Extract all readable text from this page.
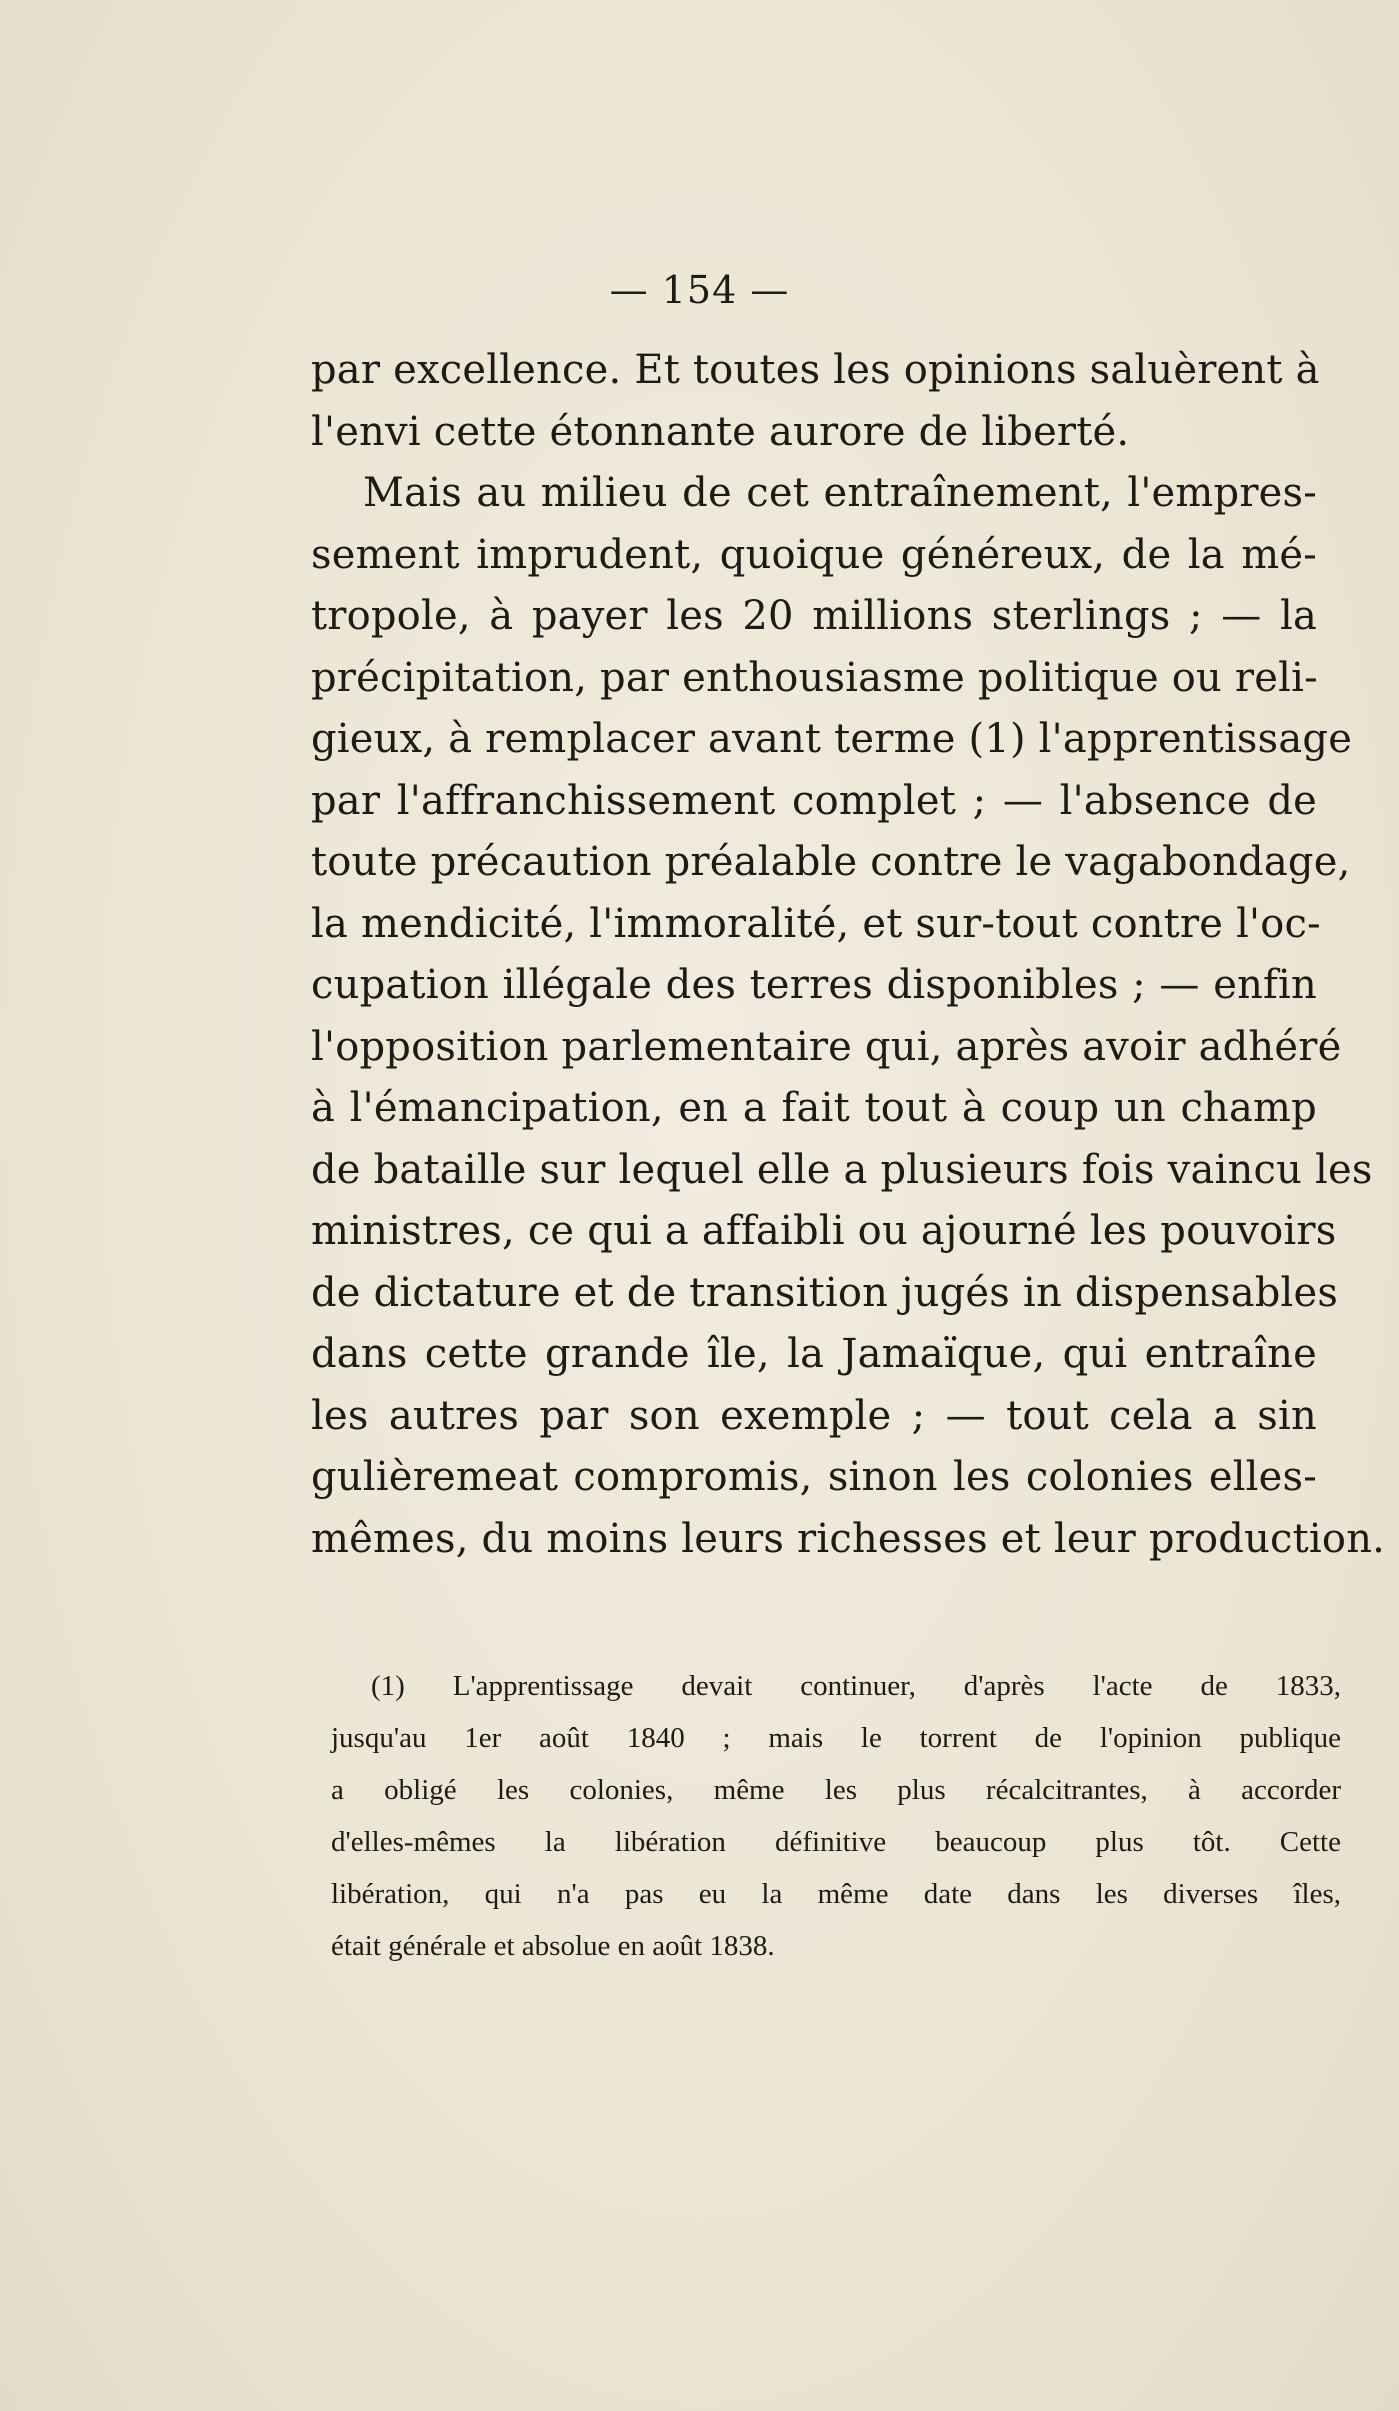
— 154 —
par excellence. Et toutes les opinions saluèrent à
l'envi cette étonnante aurore de liberté.
Mais au milieu de cet entraînement, l'empres-
sement imprudent, quoique généreux, de la mé-
tropole, à payer les 20 millions sterlings ; — la
précipitation, par enthousiasme politique ou reli-
gieux, à remplacer avant terme (1) l'apprentissage
par l'affranchissement complet ; — l'absence de
toute précaution préalable contre le vagabondage,
la mendicité, l'immoralité, et sur-tout contre l'oc-
cupation illégale des terres disponibles ; — enfin
l'opposition parlementaire qui, après avoir adhéré
à l'émancipation, en a fait tout à coup un champ
de bataille sur lequel elle a plusieurs fois vaincu les
ministres, ce qui a affaibli ou ajourné les pouvoirs
de dictature et de transition jugés in dispensables
dans cette grande île, la Jamaïque, qui entraîne
les autres par son exemple ; — tout cela a sin
gulièremeat compromis, sinon les colonies elles-
mêmes, du moins leurs richesses et leur production.
(1) L'apprentissage devait continuer, d'après l'acte de 1833,
jusqu'au 1er août 1840 ; mais le torrent de l'opinion publique
a obligé les colonies, même les plus récalcitrantes, à accorder
d'elles-mêmes la libération définitive beaucoup plus tôt. Cette
libération, qui n'a pas eu la même date dans les diverses îles,
était générale et absolue en août 1838.
